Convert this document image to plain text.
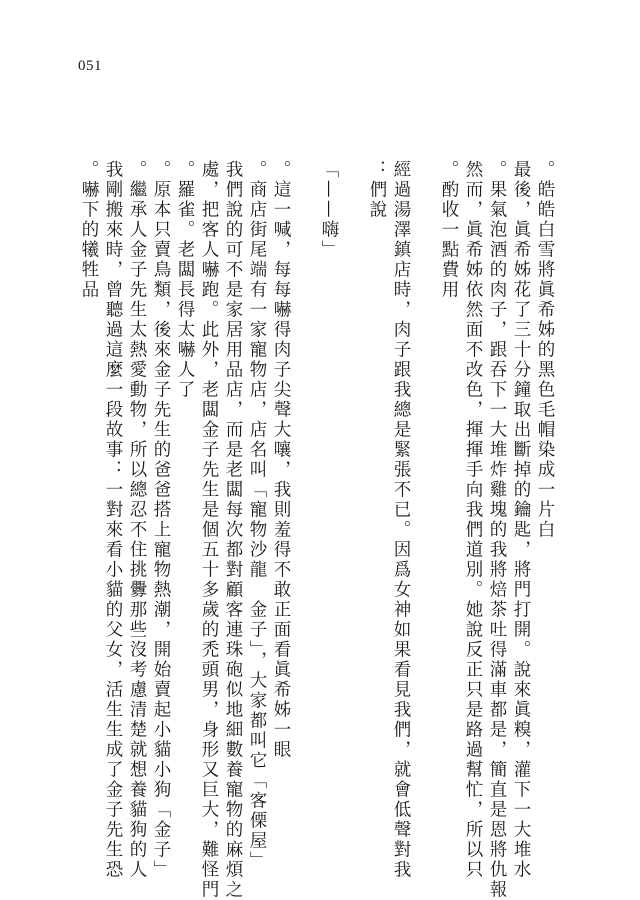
051
皓皓白雪將眞希姊的黑色毛帽染成一片白。
　最後，眞希姊花了三十分鐘取出斷掉的鑰匙，將門打開。說來眞糗，灌下一大堆水
果氣泡酒的肉子，跟吞下一大堆炸雞塊的我將焙茶吐得滿車都是，簡直是恩將仇報。
然而，眞希姊依然面不改色，揮揮手向我們道別。她說反正只是路過幫忙，所以只
酌收一點費用。
　經過湯澤鎮店時，肉子跟我總是緊張不已。因爲女神如果看見我們，就會低聲對我
們說：
「嗨——」
　這一喊，每每嚇得肉子尖聲大嚷，我則羞得不敢正面看眞希姊一眼。
　商店街尾端有一家寵物店，店名叫「寵物沙龍　金子」，大家都叫它「客傈屋」。
我們說的可不是家居用品店，而是老闆每次都對顧客連珠砲似地細數養寵物的麻煩之
處，把客人嚇跑。此外，老闆金子先生是個五十多歲的禿頭男，身形又巨大，難怪門
羅雀。老闆長得太嚇人了。
　「金子」原本只賣鳥類，後來金子先生的爸爸搭上寵物熱潮，開始賣起小貓小狗。
繼承人金子先生太熱愛動物，所以總忍不住挑釁那些沒考慮清楚就想養貓狗的人。
　我剛搬來時，曾聽過這麼一段故事：一對來看小貓的父女，活生生成了金子先生恐
嚇下的犧牲品。
